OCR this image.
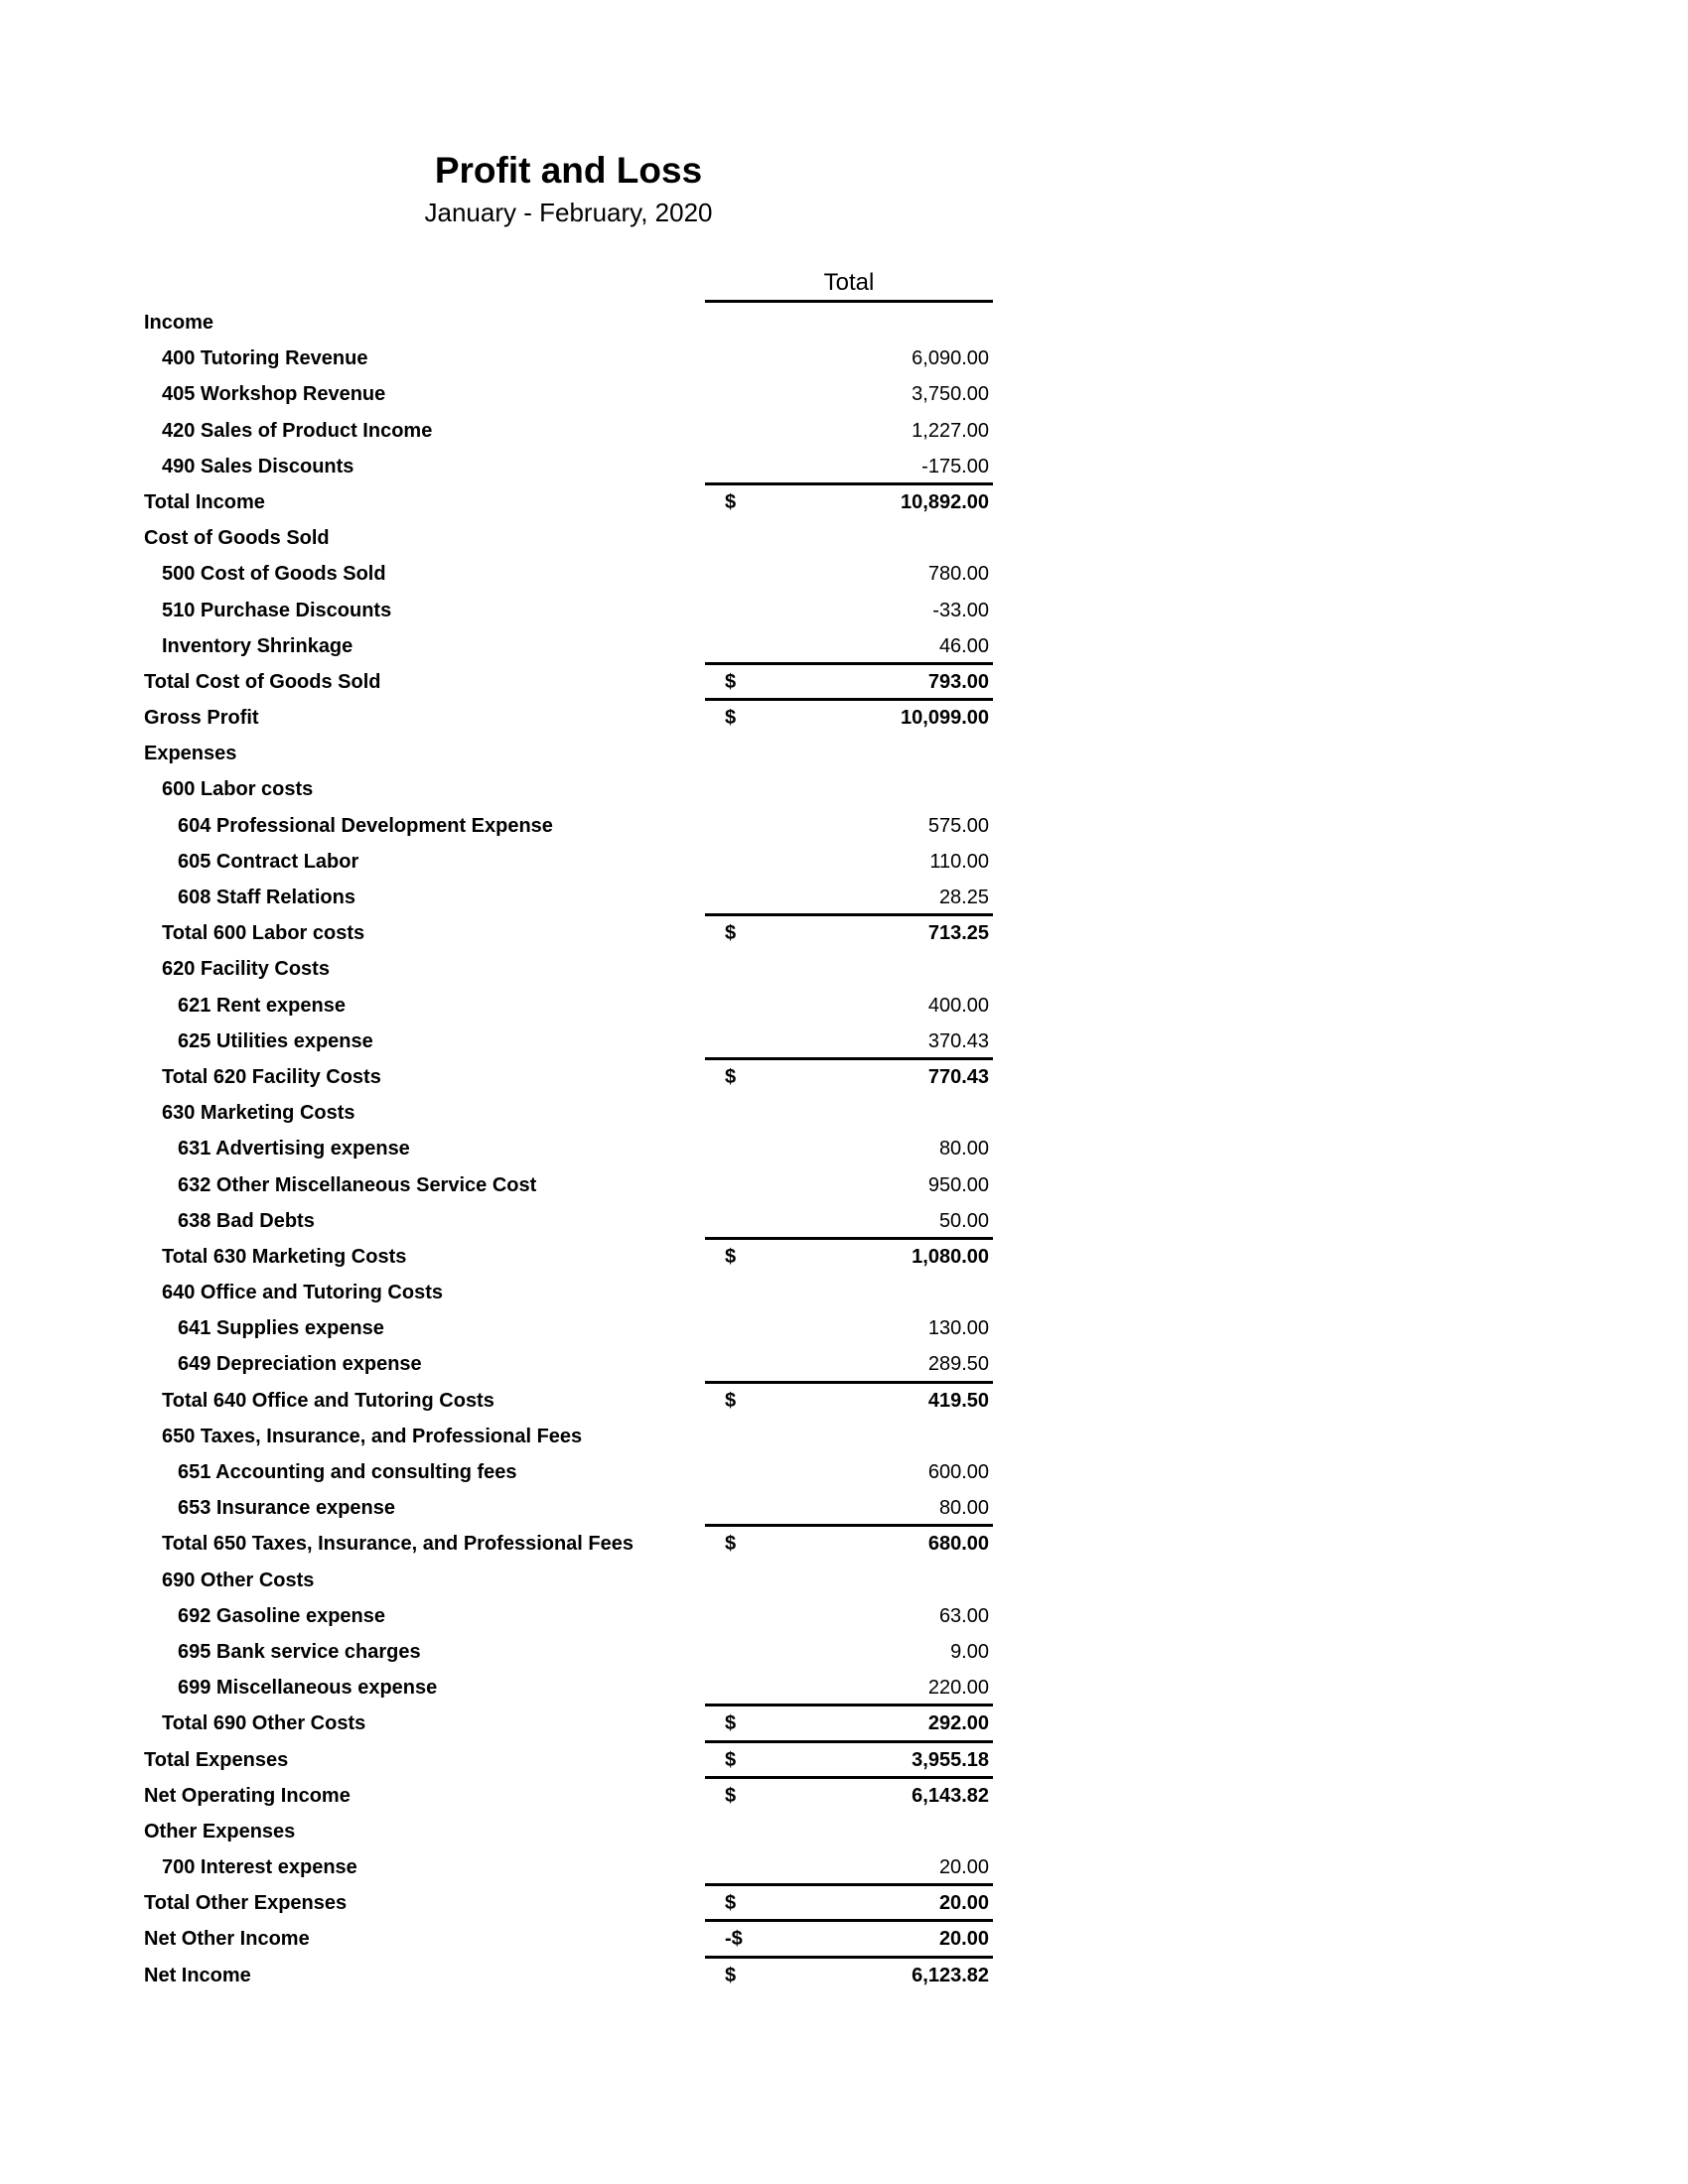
Profit and Loss
January - February, 2020
Total
Income
400 Tutoring Revenue	6,090.00
405 Workshop Revenue	3,750.00
420 Sales of Product Income	1,227.00
490 Sales Discounts	-175.00
Total Income	$	10,892.00
Cost of Goods Sold
500 Cost of Goods Sold	780.00
510 Purchase Discounts	-33.00
Inventory Shrinkage	46.00
Total Cost of Goods Sold	$	793.00
Gross Profit	$	10,099.00
Expenses
600 Labor costs
604 Professional Development Expense	575.00
605 Contract Labor	110.00
608 Staff Relations	28.25
Total 600 Labor costs	$	713.25
620 Facility Costs
621 Rent expense	400.00
625 Utilities expense	370.43
Total 620 Facility Costs	$	770.43
630 Marketing Costs
631 Advertising expense	80.00
632 Other Miscellaneous Service Cost	950.00
638 Bad Debts	50.00
Total 630 Marketing Costs	$	1,080.00
640 Office and Tutoring Costs
641 Supplies expense	130.00
649 Depreciation expense	289.50
Total 640 Office and Tutoring Costs	$	419.50
650 Taxes, Insurance, and Professional Fees
651 Accounting and consulting fees	600.00
653 Insurance expense	80.00
Total 650 Taxes, Insurance, and Professional Fees	$	680.00
690 Other Costs
692 Gasoline expense	63.00
695 Bank service charges	9.00
699 Miscellaneous expense	220.00
Total 690 Other Costs	$	292.00
Total Expenses	$	3,955.18
Net Operating Income	$	6,143.82
Other Expenses
700 Interest expense	20.00
Total Other Expenses	$	20.00
Net Other Income	-$	20.00
Net Income	$	6,123.82
